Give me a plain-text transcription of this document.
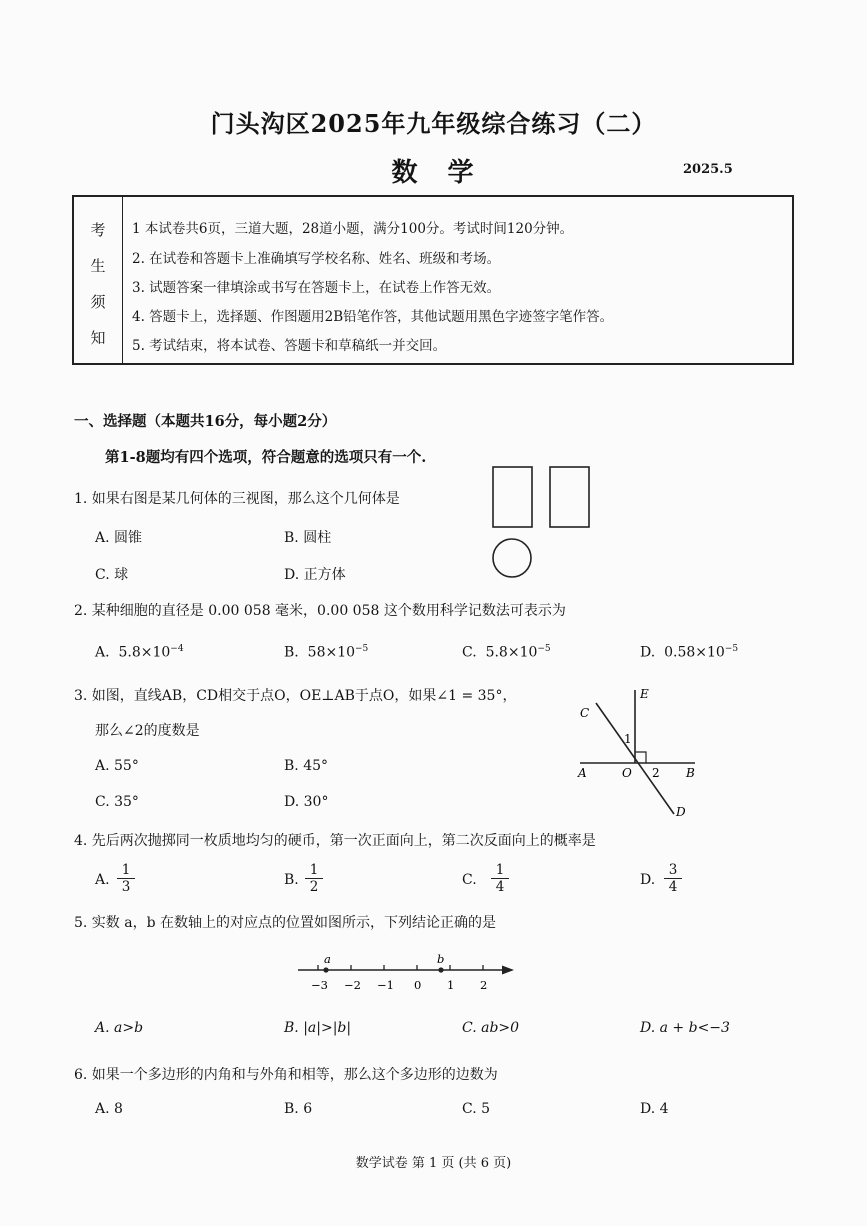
门头沟区2025年九年级综合练习（二）
数　学	2025.5
考
生
须
知
1 本试卷共6页，三道大题，28道小题，满分100分。考试时间120分钟。
2. 在试卷和答题卡上准确填写学校名称、姓名、班级和考场。
3. 试题答案一律填涂或书写在答题卡上，在试卷上作答无效。
4. 答题卡上，选择题、作图题用2B铅笔作答，其他试题用黑色字迹签字笔作答。
5. 考试结束，将本试卷、答题卡和草稿纸一并交回。
一、选择题（本题共16分，每小题2分）
第1-8题均有四个选项，符合题意的选项只有一个.
1. 如果右图是某几何体的三视图，那么这个几何体是
A. 圆锥	B. 圆柱
C. 球	D. 正方体
2. 某种细胞的直径是 0.00 058 毫米，0.00 058 这个数用科学记数法可表示为
A. $5.8\times 10^{-4}$	B. $58\times 10^{-5}$	C. $5.8\times 10^{-5}$	D. $0.58\times 10^{-5}$
3. 如图，直线AB，CD相交于点O，OE⊥AB于点O，如果∠1 = 35°，
那么∠2的度数是
A. 55°	B. 45°
C. 35°	D. 30°
C
E
1
A	O 2 B
D
4. 先后两次抛掷同一枚质地均匀的硬币，第一次正面向上，第二次反面向上的概率是
A. $\frac{1}{3}$	B. $\frac{1}{2}$	C. $\frac{1}{4}$	D. $\frac{3}{4}$
5. 实数 a，b 在数轴上的对应点的位置如图所示，下列结论正确的是
−3 −2 −1 0 1 2
a	b
A. a>b	B. |a|>|b|	C. ab>0	D. a + b<−3
6. 如果一个多边形的内角和与外角和相等，那么这个多边形的边数为
A. 8	B. 6	C. 5	D. 4
数学试卷 第 1 页 (共 6 页)
